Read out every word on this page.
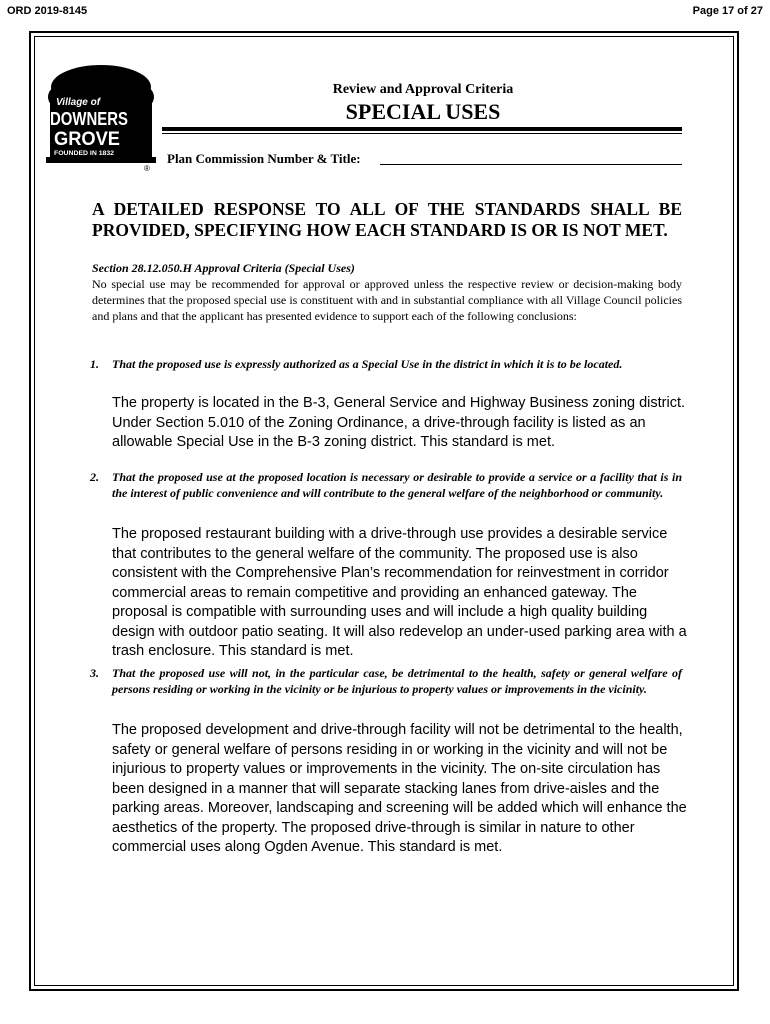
ORD 2019-8145	Page 17 of 27
Village of
DOWNERS
GROVE
FOUNDED IN 1832
®
Review and Approval Criteria
SPECIAL USES
Plan Commission Number & Title:
A DETAILED RESPONSE TO ALL OF THE STANDARDS SHALL BE PROVIDED, SPECIFYING HOW EACH STANDARD IS OR IS NOT MET.
Section 28.12.050.H Approval Criteria (Special Uses)
No special use may be recommended for approval or approved unless the respective review or decision-making body determines that the proposed special use is constituent with and in substantial compliance with all Village Council policies and plans and that the applicant has presented evidence to support each of the following conclusions:
1. That the proposed use is expressly authorized as a Special Use in the district in which it is to be located.
The property is located in the B-3, General Service and Highway Business zoning district. Under Section 5.010 of the Zoning Ordinance, a drive-through facility is listed as an allowable Special Use in the B-3 zoning district. This standard is met.
2. That the proposed use at the proposed location is necessary or desirable to provide a service or a facility that is in the interest of public convenience and will contribute to the general welfare of the neighborhood or community.
The proposed restaurant building with a drive-through use provides a desirable service that contributes to the general welfare of the community. The proposed use is also consistent with the Comprehensive Plan’s recommendation for reinvestment in corridor commercial areas to remain competitive and providing an enhanced gateway. The proposal is compatible with surrounding uses and will include a high quality building design with outdoor patio seating. It will also redevelop an under-used parking area with a trash enclosure. This standard is met.
3. That the proposed use will not, in the particular case, be detrimental to the health, safety or general welfare of persons residing or working in the vicinity or be injurious to property values or improvements in the vicinity.
The proposed development and drive-through facility will not be detrimental to the health, safety or general welfare of persons residing in or working in the vicinity and will not be injurious to property values or improvements in the vicinity. The on-site circulation has been designed in a manner that will separate stacking lanes from drive-aisles and the parking areas. Moreover, landscaping and screening will be added which will enhance the aesthetics of the property. The proposed drive-through is similar in nature to other commercial uses along Ogden Avenue. This standard is met.
